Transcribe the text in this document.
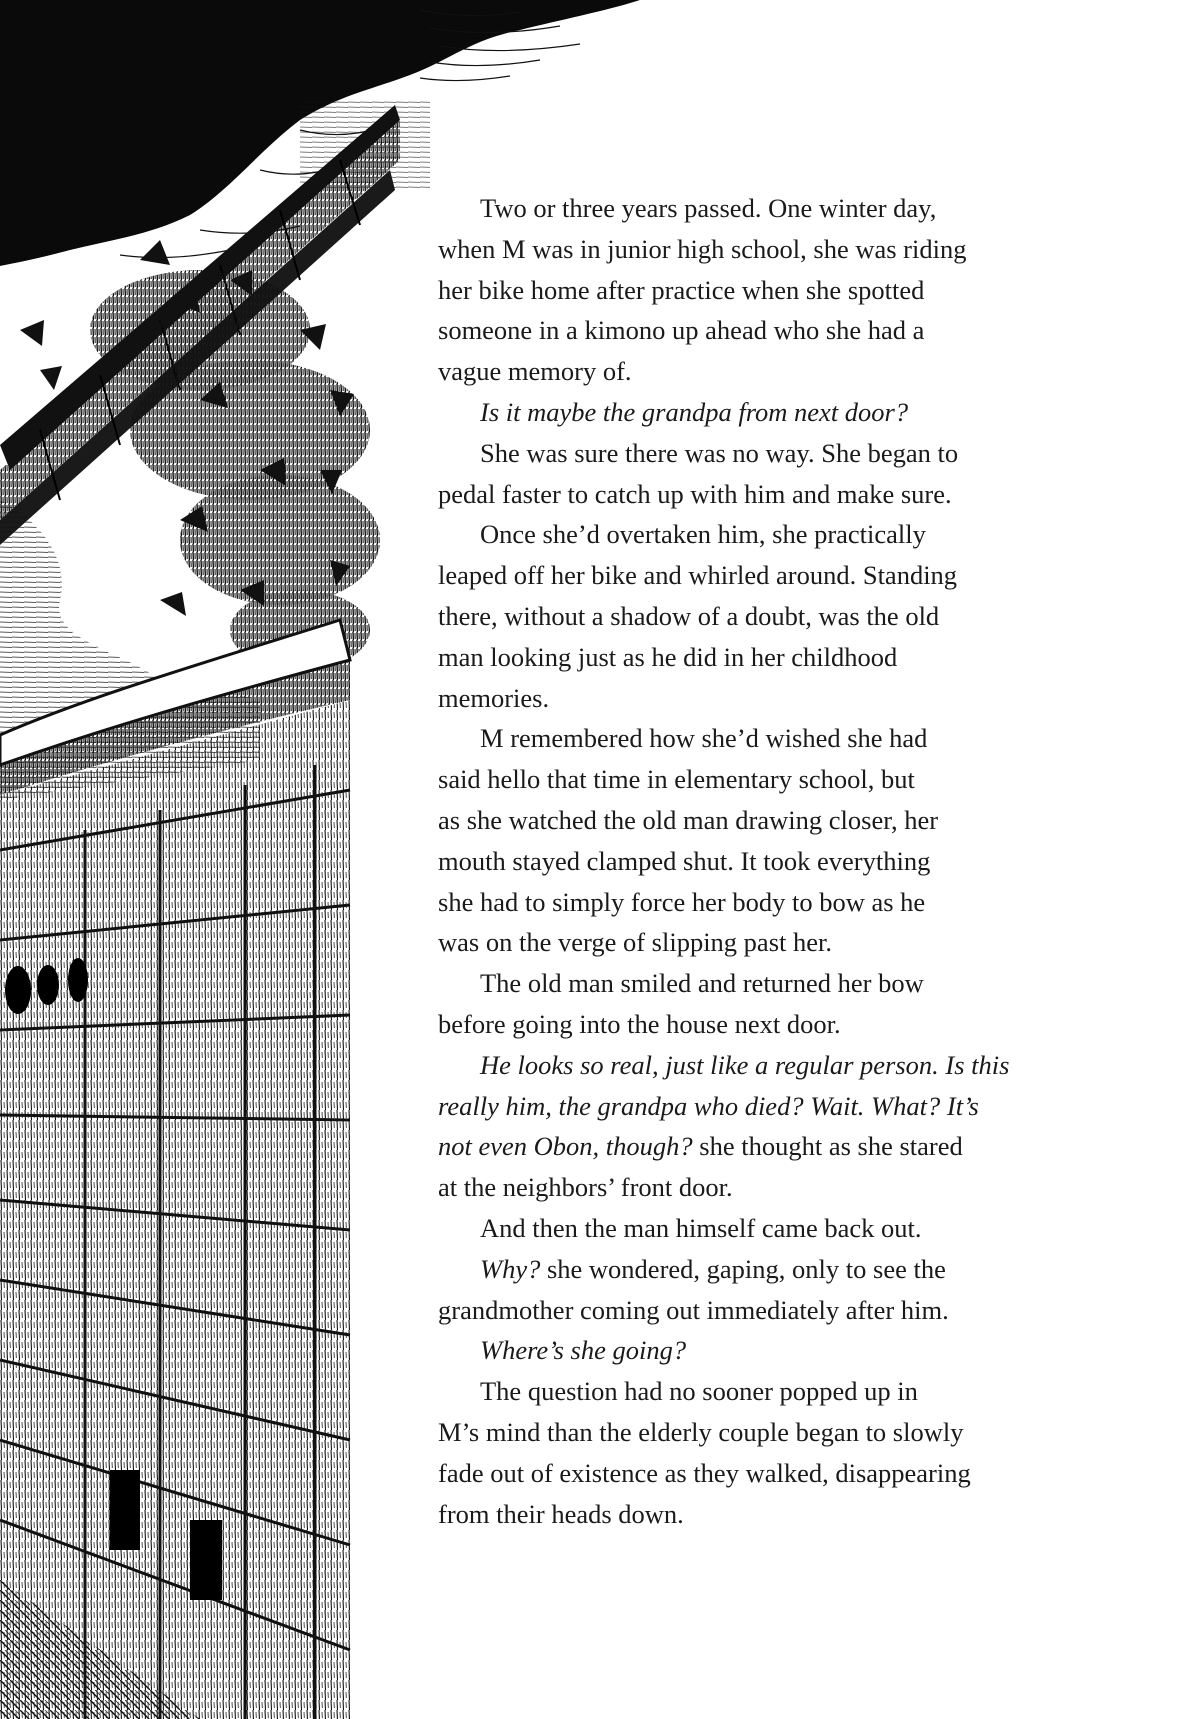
Two or three years passed. One winter day,
when M was in junior high school, she was riding
her bike home after practice when she spotted
someone in a kimono up ahead who she had a
vague memory of.
Is it maybe the grandpa from next door?
She was sure there was no way. She began to
pedal faster to catch up with him and make sure.
Once she’d overtaken him, she practically
leaped off her bike and whirled around. Standing
there, without a shadow of a doubt, was the old
man looking just as he did in her childhood
memories.
M remembered how she’d wished she had
said hello that time in elementary school, but
as she watched the old man drawing closer, her
mouth stayed clamped shut. It took everything
she had to simply force her body to bow as he
was on the verge of slipping past her.
The old man smiled and returned her bow
before going into the house next door.
He looks so real, just like a regular person. Is this
really him, the grandpa who died? Wait. What? It’s
not even Obon, though? she thought as she stared
at the neighbors’ front door.
And then the man himself came back out.
Why? she wondered, gaping, only to see the
grandmother coming out immediately after him.
Where’s she going?
The question had no sooner popped up in
M’s mind than the elderly couple began to slowly
fade out of existence as they walked, disappearing
from their heads down.
